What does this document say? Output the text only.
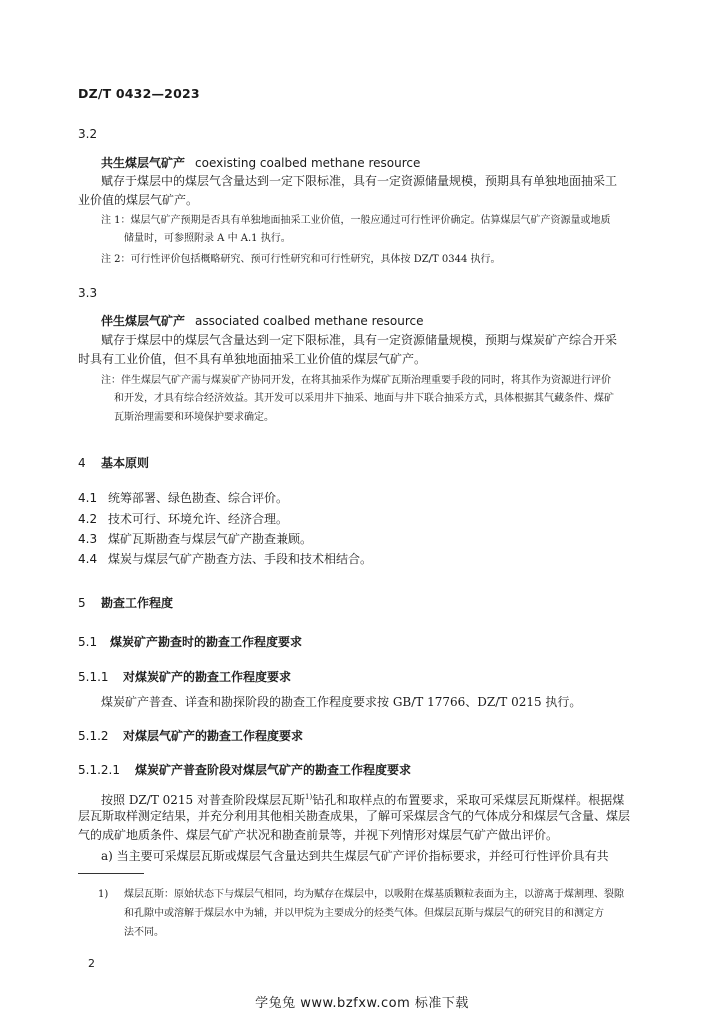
DZ/T 0432—2023
3.2
共生煤层气矿产 coexisting coalbed methane resource
赋存于煤层中的煤层气含量达到一定下限标准，具有一定资源储量规模，预期具有单独地面抽采工
业价值的煤层气矿产。
注 1：煤层气矿产预期是否具有单独地面抽采工业价值，一般应通过可行性评价确定。估算煤层气矿产资源量或地质
储量时，可参照附录 A 中 A.1 执行。
注 2：可行性评价包括概略研究、预可行性研究和可行性研究，具体按 DZ/T 0344 执行。
3.3
伴生煤层气矿产 associated coalbed methane resource
赋存于煤层中的煤层气含量达到一定下限标准，具有一定资源储量规模，预期与煤炭矿产综合开采
时具有工业价值，但不具有单独地面抽采工业价值的煤层气矿产。
注：伴生煤层气矿产需与煤炭矿产协同开发，在将其抽采作为煤矿瓦斯治理重要手段的同时，将其作为资源进行评价
和开发，才具有综合经济效益。其开发可以采用井下抽采、地面与井下联合抽采方式，具体根据其气藏条件、煤矿
瓦斯治理需要和环境保护要求确定。
4 基本原则
4.1 统筹部署、绿色勘查、综合评价。
4.2 技术可行、环境允许、经济合理。
4.3 煤矿瓦斯勘查与煤层气矿产勘查兼顾。
4.4 煤炭与煤层气矿产勘查方法、手段和技术相结合。
5 勘查工作程度
5.1 煤炭矿产勘查时的勘查工作程度要求
5.1.1 对煤炭矿产的勘查工作程度要求
煤炭矿产普查、详查和勘探阶段的勘查工作程度要求按 GB/T 17766、DZ/T 0215 执行。
5.1.2 对煤层气矿产的勘查工作程度要求
5.1.2.1 煤炭矿产普查阶段对煤层气矿产的勘查工作程度要求
按照 DZ/T 0215 对普查阶段煤层瓦斯$^{1)}$钻孔和取样点的布置要求，采取可采煤层瓦斯煤样。根据煤
层瓦斯取样测定结果，并充分利用其他相关勘查成果，了解可采煤层含气的气体成分和煤层气含量、煤层
气的成矿地质条件、煤层气矿产状况和勘查前景等，并视下列情形对煤层气矿产做出评价。
a) 当主要可采煤层瓦斯或煤层气含量达到共生煤层气矿产评价指标要求，并经可行性评价具有共
1) 煤层瓦斯：原始状态下与煤层气相同，均为赋存在煤层中，以吸附在煤基质颗粒表面为主，以游离于煤割理、裂隙
和孔隙中或溶解于煤层水中为辅，并以甲烷为主要成分的烃类气体。但煤层瓦斯与煤层气的研究目的和测定方
法不同。
2
学兔兔 www.bzfxw.com 标准下载
